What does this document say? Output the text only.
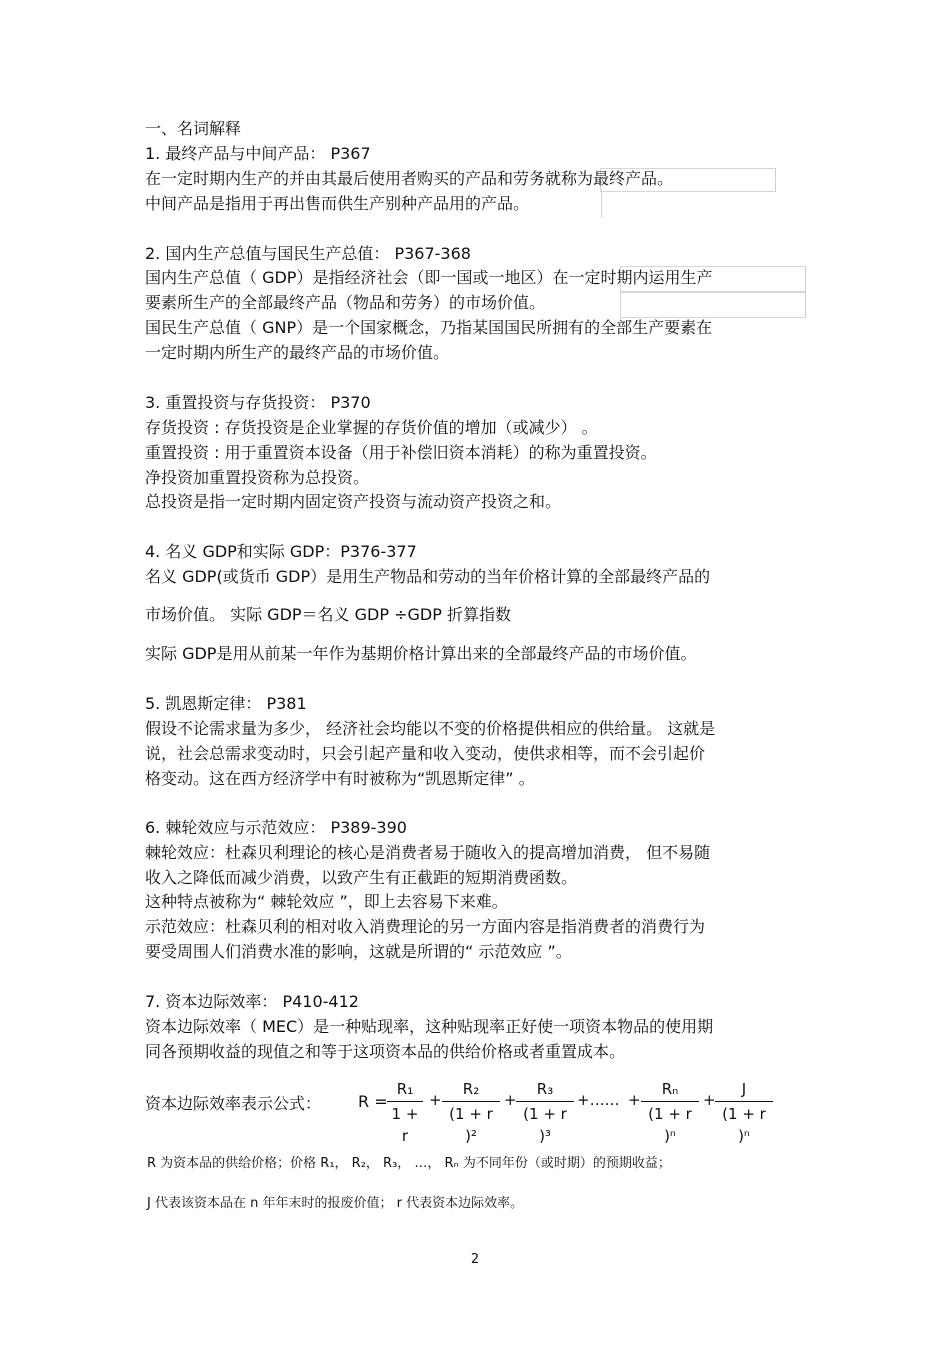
一、名词解释

1. 最终产品与中间产品： P367

在一定时期内生产的并由其最后使用者购买的产品和劳务就称为最终产品。

中间产品是指用于再出售而供生产别种产品用的产品。

2. 国内生产总值与国民生产总值： P367-368

国内生产总值（ GDP）是指经济社会（即一国或一地区）在一定时期内运用生产

要素所生产的全部最终产品（物品和劳务）的市场价值。

国民生产总值（ GNP）是一个国家概念，乃指某国国民所拥有的全部生产要素在

一定时期内所生产的最终产品的市场价值。

3. 重置投资与存货投资： P370

存货投资 : 存货投资是企业掌握的存货价值的增加（或减少） 。

重置投资 : 用于重置资本设备（用于补偿旧资本消耗）的称为重置投资。

净投资加重置投资称为总投资。

总投资是指一定时期内固定资产投资与流动资产投资之和。

4. 名义 GDP和实际 GDP：P376-377

名义 GDP(或货币 GDP）是用生产物品和劳动的当年价格计算的全部最终产品的

市场价值。 实际 GDP＝名义 GDP ÷GDP 折算指数

实际 GDP是用从前某一年作为基期价格计算出来的全部最终产品的市场价值。

5. 凯恩斯定律： P381

假设不论需求量为多少， 经济社会均能以不变的价格提供相应的供给量。 这就是

说，社会总需求变动时，只会引起产量和收入变动，使供求相等，而不会引起价

格变动。这在西方经济学中有时被称为“凯恩斯定律” 。

6. 棘轮效应与示范效应： P389-390

棘轮效应：杜森贝利理论的核心是消费者易于随收入的提高增加消费， 但不易随

收入之降低而减少消费，以致产生有正截距的短期消费函数。

这种特点被称为“ 棘轮效应 ”，即上去容易下来难。

示范效应：杜森贝利的相对收入消费理论的另一方面内容是指消费者的消费行为

要受周围人们消费水准的影响，这就是所谓的“ 示范效应 ”。

7. 资本边际效率： P410-412

资本边际效率（ MEC）是一种贴现率，这种贴现率正好使一项资本物品的使用期

同各预期收益的现值之和等于这项资本品的供给价格或者重置成本。

资本边际效率表示公式： R =
R₁
1 + r
+
R₂
(1 + r )²
+
R₃
(1 + r )³
+…… +
Rₙ
(1 + r )ⁿ
+
J
(1 + r )ⁿ

R 为资本品的供给价格；价格 R₁， R₂， R₃， …， Rₙ 为不同年份（或时期）的预期收益；

J 代表该资本品在 n 年年末时的报废价值； r 代表资本边际效率。

2
